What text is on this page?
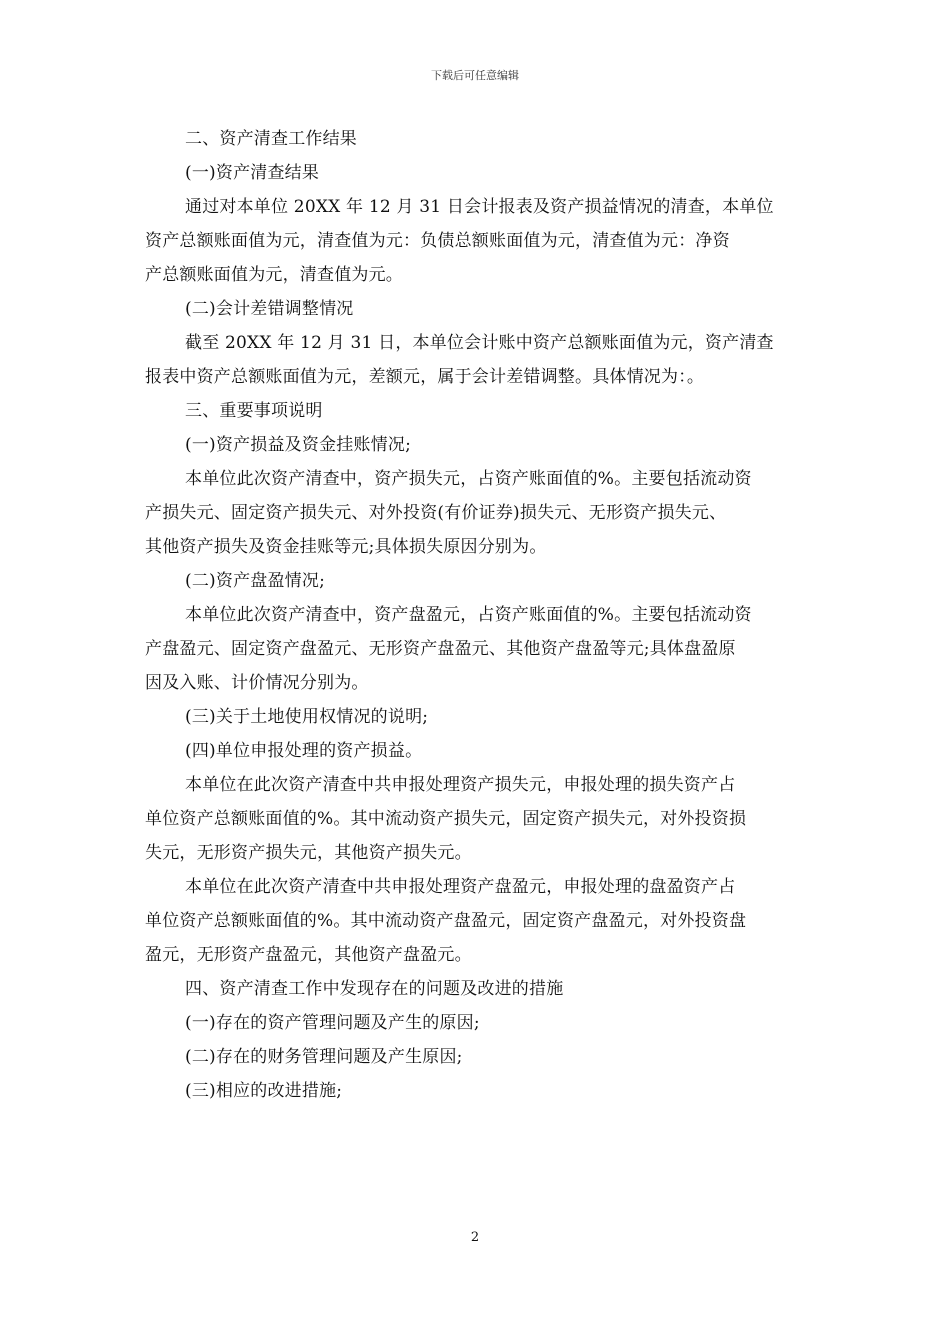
下载后可任意编辑
二、资产清查工作结果
(一)资产清查结果
通过对本单位 20XX 年 12 月 31 日会计报表及资产损益情况的清查，本单位
资产总额账面值为元，清查值为元：负债总额账面值为元，清查值为元：净资
产总额账面值为元，清查值为元。
(二)会计差错调整情况
截至 20XX 年 12 月 31 日，本单位会计账中资产总额账面值为元，资产清查
报表中资产总额账面值为元，差额元，属于会计差错调整。具体情况为：。
三、重要事项说明
(一)资产损益及资金挂账情况;
本单位此次资产清查中，资产损失元，占资产账面值的%。主要包括流动资
产损失元、固定资产损失元、对外投资(有价证券)损失元、无形资产损失元、
其他资产损失及资金挂账等元;具体损失原因分别为。
(二)资产盘盈情况;
本单位此次资产清查中，资产盘盈元，占资产账面值的%。主要包括流动资
产盘盈元、固定资产盘盈元、无形资产盘盈元、其他资产盘盈等元;具体盘盈原
因及入账、计价情况分别为。
(三)关于土地使用权情况的说明;
(四)单位申报处理的资产损益。
本单位在此次资产清查中共申报处理资产损失元，申报处理的损失资产占
单位资产总额账面值的%。其中流动资产损失元，固定资产损失元，对外投资损
失元，无形资产损失元，其他资产损失元。
本单位在此次资产清查中共申报处理资产盘盈元，申报处理的盘盈资产占
单位资产总额账面值的%。其中流动资产盘盈元，固定资产盘盈元，对外投资盘
盈元，无形资产盘盈元，其他资产盘盈元。
四、资产清查工作中发现存在的问题及改进的措施
(一)存在的资产管理问题及产生的原因;
(二)存在的财务管理问题及产生原因;
(三)相应的改进措施;
2
